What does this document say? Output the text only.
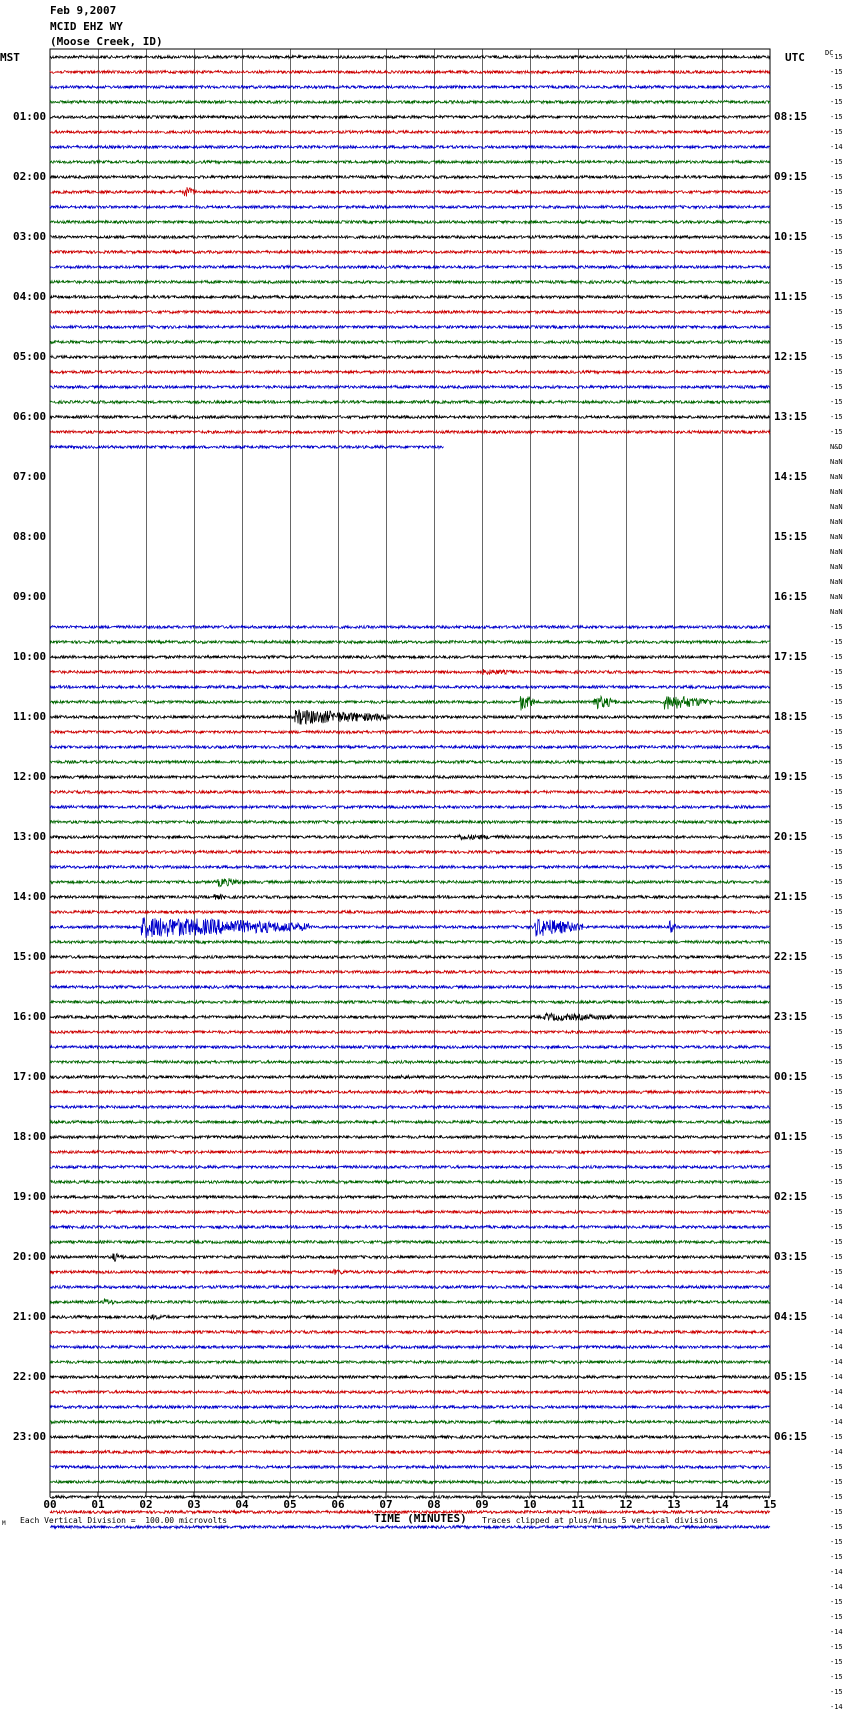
Feb 9,2007
MCID EHZ WY
(Moose Creek, ID)
MST	UTC	DC
00	01	02	03	04	05	06	07	08	09	10	11	12	13	14	15
01:00
02:00
03:00
04:00
05:00
06:00
07:00
08:00
09:00
10:00
11:00
12:00
13:00
14:00
15:00
16:00
17:00
18:00
19:00
20:00
21:00
22:00
23:00
08:15
09:15
10:15
11:15
12:15
13:15
14:15
15:15
16:15
17:15
18:15
19:15
20:15
21:15
22:15
23:15
00:15
01:15
02:15
03:15
04:15
05:15
06:15
-15
-15
-15
-15
-15
-15
-14
-15
-15
-15
-15
-15
-15
-15
-15
-15
-15
-15
-15
-15
-15
-15
-15
-15
-15
-15
N&D
NaN
NaN
NaN
NaN
NaN
NaN
NaN
NaN
NaN
NaN
NaN
-15
-15
-15
-15
-15
-15
-15
-15
-15
-15
-15
-15
-15
-15
-15
-15
-15
-15
-15
-15
-15
-15
-15
-15
-15
-15
-15
-15
-15
-15
-15
-15
-15
-15
-15
-15
-15
-15
-15
-15
-15
-15
-15
-15
-14
-14
-14
-14
-14
-14
-14
-14
-14
-14
-15
-14
-15
-15
-15
-15
-15
-15
-15
-14
-14
-15
-15
-14
-15
-15
-15
-15
-14
TIME (MINUTES)
Each Vertical Division =  100.00 microvolts	Traces clipped at plus/minus 5 vertical divisions
M
